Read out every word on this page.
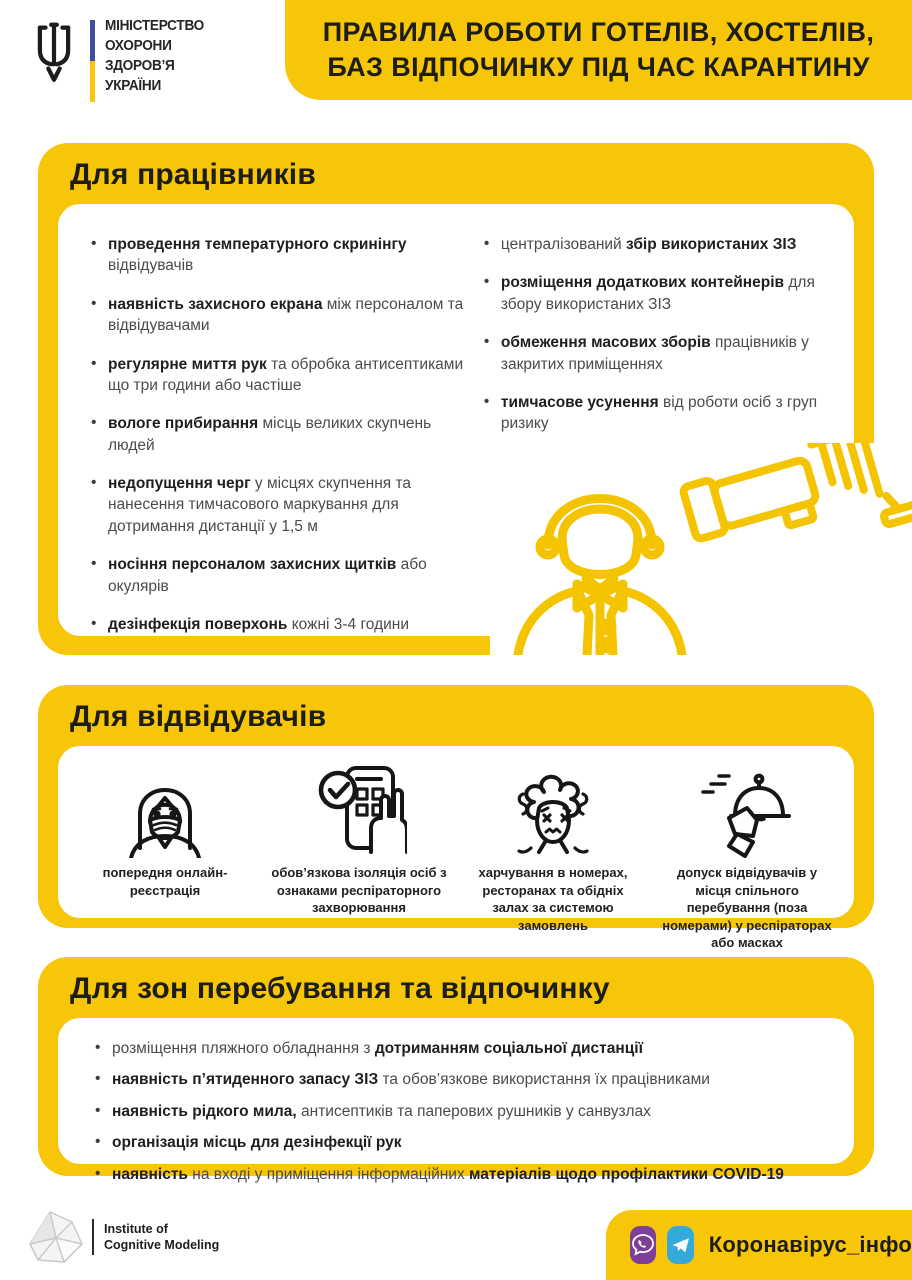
МІНІСТЕРСТВО
ОХОРОНИ
ЗДОРОВ’Я
УКРАЇНИ
ПРАВИЛА РОБОТИ ГОТЕЛІВ, ХОСТЕЛІВ,
БАЗ ВІДПОЧИНКУ ПІД ЧАС КАРАНТИНУ
Для працівників
• проведення температурного скринінгу відвідувачів
• наявність захисного екрана між персоналом та відвідувачами
• регулярне миття рук та обробка антисептиками що три години або частіше
• вологе прибирання місць великих скупчень людей
• недопущення черг у місцях скупчення та нанесення тимчасового маркування для дотримання дистанції у 1,5 м
• носіння персоналом захисних щитків або окулярів
• дезінфекція поверхонь кожні 3-4 години
• централізований збір використаних ЗІЗ
• розміщення додаткових контейнерів для збору використаних ЗІЗ
• обмеження масових зборів працівників у закритих приміщеннях
• тимчасове усунення від роботи осіб з груп ризику
Для відвідувачів
попередня онлайн-реєстрація
обов’язкова ізоляція осіб з ознаками респіраторного захворювання
харчування в номерах, ресторанах та обідніх залах за системою замовлень
допуск відвідувачів у місця спільного перебування (поза номерами) у респіраторах або масках
Для зон перебування та відпочинку
• розміщення пляжного обладнання з дотриманням соціальної дистанції
• наявність п’ятиденного запасу ЗІЗ та обов’язкове використання їх працівниками
• наявність рідкого мила, антисептиків та паперових рушників у санвузлах
• організація місць для дезінфекції рук
• наявність на вході у приміщення інформаційних матеріалів щодо профілактики COVID-19
Institute of
Cognitive Modeling	Коронавірус_інфо
